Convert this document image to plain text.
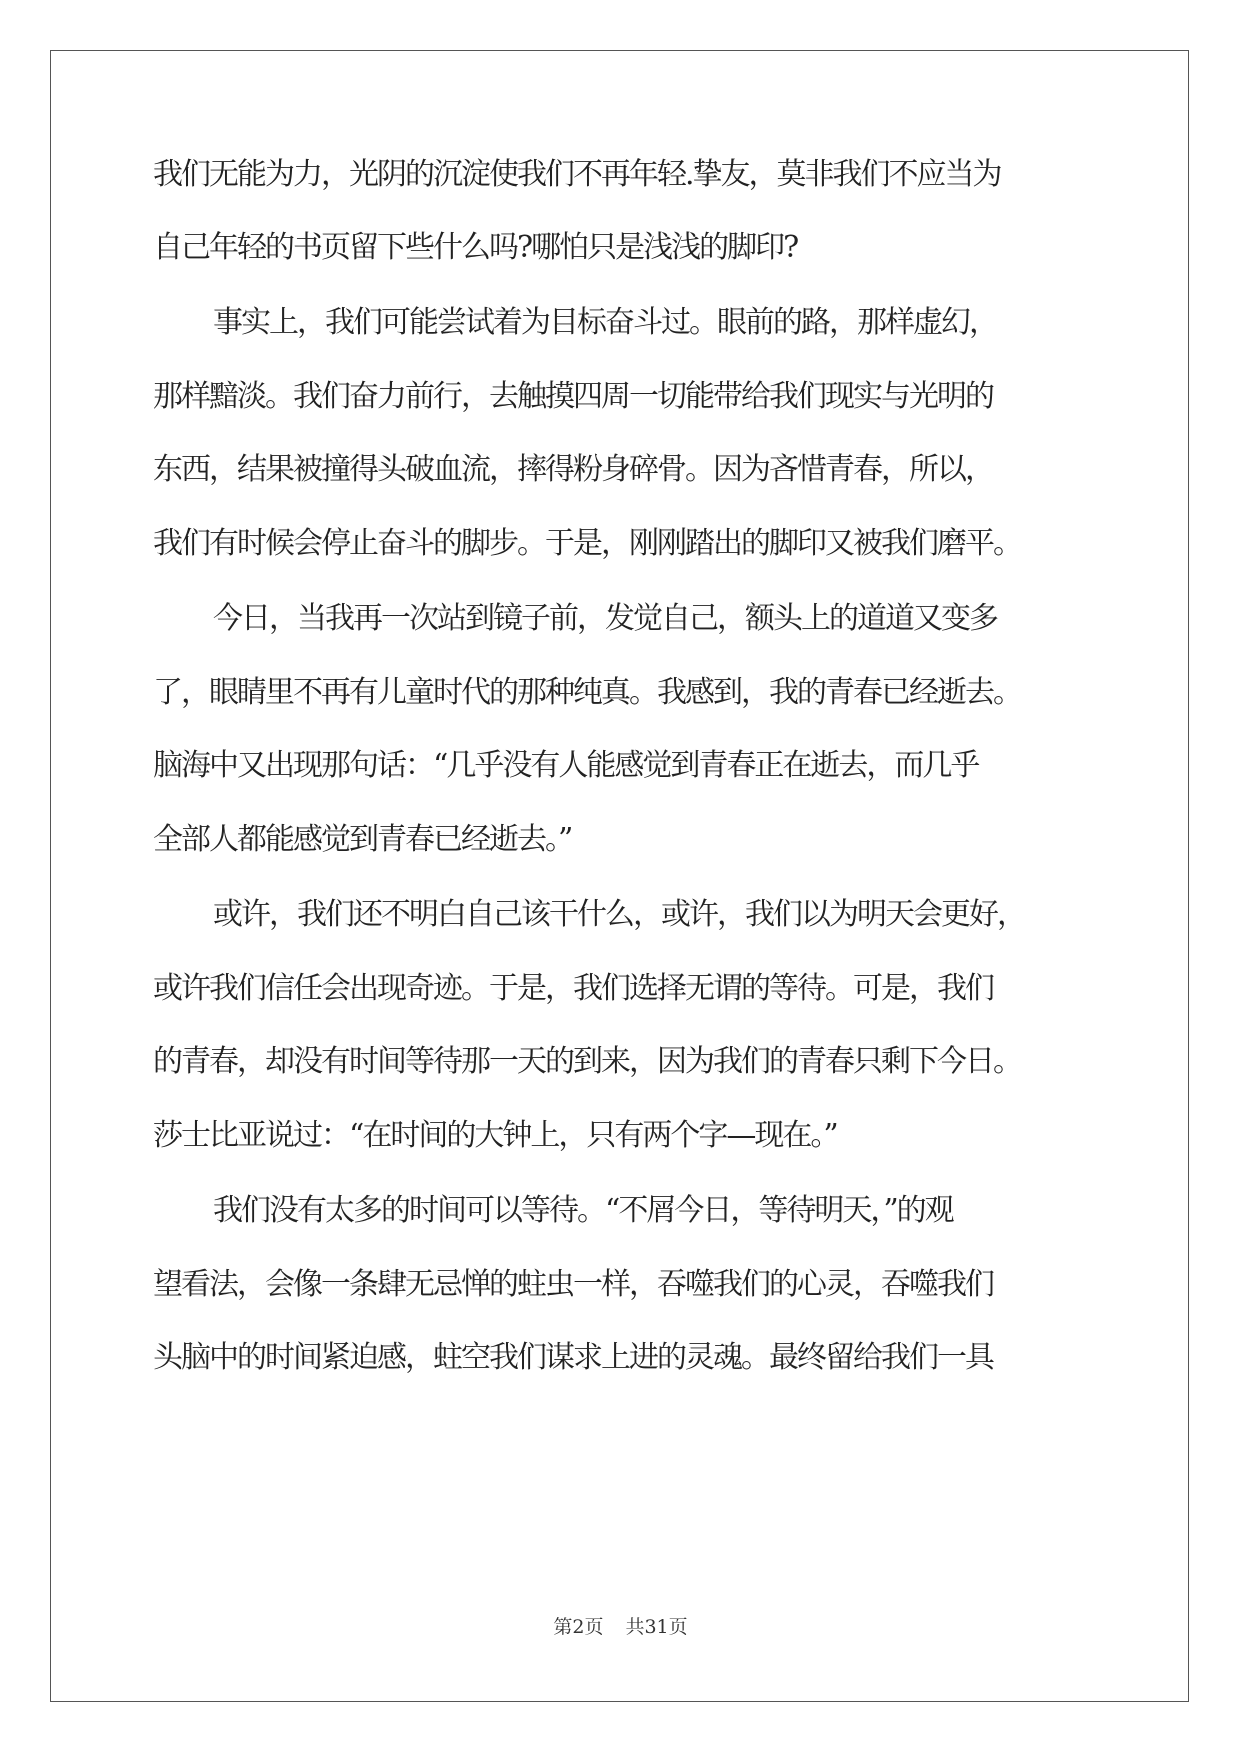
我们无能为力，光阴的沉淀使我们不再年轻.挚友，莫非我们不应当为
自己年轻的书页留下些什么吗?哪怕只是浅浅的脚印?
事实上，我们可能尝试着为目标奋斗过。眼前的路，那样虚幻，
那样黯淡。我们奋力前行，去触摸四周一切能带给我们现实与光明的
东西，结果被撞得头破血流，摔得粉身碎骨。因为吝惜青春，所以，
我们有时候会停止奋斗的脚步。于是，刚刚踏出的脚印又被我们磨平。
今日，当我再一次站到镜子前，发觉自己，额头上的道道又变多
了，眼睛里不再有儿童时代的那种纯真。我感到，我的青春已经逝去。
脑海中又出现那句话：“几乎没有人能感觉到青春正在逝去，而几乎
全部人都能感觉到青春已经逝去。”
或许，我们还不明白自己该干什么，或许，我们以为明天会更好，
或许我们信任会出现奇迹。于是，我们选择无谓的等待。可是，我们
的青春，却没有时间等待那一天的到来，因为我们的青春只剩下今日。
莎士比亚说过：“在时间的大钟上，只有两个字—现在。”
我们没有太多的时间可以等待。“不屑今日，等待明天，”的观
望看法，会像一条肆无忌惮的蛀虫一样，吞噬我们的心灵，吞噬我们
头脑中的时间紧迫感，蛀空我们谋求上进的灵魂。最终留给我们一具
第2页 共31页
